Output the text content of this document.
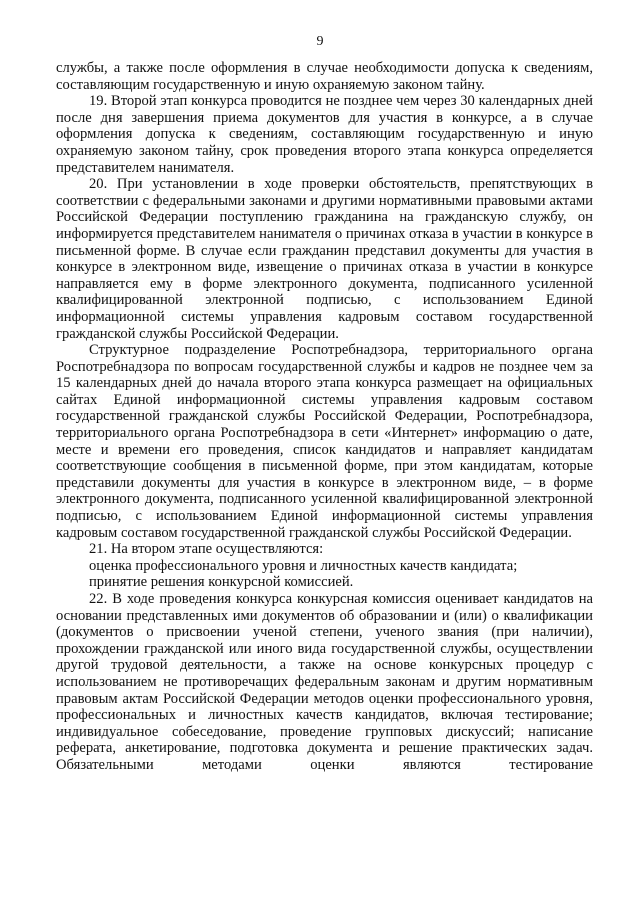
9

службы, а также после оформления в случае необходимости допуска к сведениям, составляющим государственную и иную охраняемую законом тайну.

19. Второй этап конкурса проводится не позднее чем через 30 календарных дней после дня завершения приема документов для участия в конкурсе, а в случае оформления допуска к сведениям, составляющим государственную и иную охраняемую законом тайну, срок проведения второго этапа конкурса определяется представителем нанимателя.

20. При установлении в ходе проверки обстоятельств, препятствующих в соответствии с федеральными законами и другими нормативными правовыми актами Российской Федерации поступлению гражданина на гражданскую службу, он информируется представителем нанимателя о причинах отказа в участии в конкурсе в письменной форме. В случае если гражданин представил документы для участия в конкурсе в электронном виде, извещение о причинах отказа в участии в конкурсе направляется ему в форме электронного документа, подписанного усиленной квалифицированной электронной подписью, с использованием Единой информационной системы управления кадровым составом государственной гражданской службы Российской Федерации.

Структурное подразделение Роспотребнадзора, территориального органа Роспотребнадзора по вопросам государственной службы и кадров не позднее чем за 15 календарных дней до начала второго этапа конкурса размещает на официальных сайтах Единой информационной системы управления кадровым составом государственной гражданской службы Российской Федерации, Роспотребнадзора, территориального органа Роспотребнадзора в сети «Интернет» информацию о дате, месте и времени его проведения, список кандидатов и направляет кандидатам соответствующие сообщения в письменной форме, при этом кандидатам, которые представили документы для участия в конкурсе в электронном виде, – в форме электронного документа, подписанного усиленной квалифицированной электронной подписью, с использованием Единой информационной системы управления кадровым составом государственной гражданской службы Российской Федерации.

21. На втором этапе осуществляются:

оценка профессионального уровня и личностных качеств кандидата;

принятие решения конкурсной комиссией.

22. В ходе проведения конкурса конкурсная комиссия оценивает кандидатов на основании представленных ими документов об образовании и (или) о квалификации (документов о присвоении ученой степени, ученого звания (при наличии), прохождении гражданской или иного вида государственной службы, осуществлении другой трудовой деятельности, а также на основе конкурсных процедур с использованием не противоречащих федеральным законам и другим нормативным правовым актам Российской Федерации методов оценки профессионального уровня, профессиональных и личностных качеств кандидатов, включая тестирование; индивидуальное собеседование, проведение групповых дискуссий; написание реферата, анкетирование, подготовка документа и решение практических задач. Обязательными методами оценки являются тестирование
